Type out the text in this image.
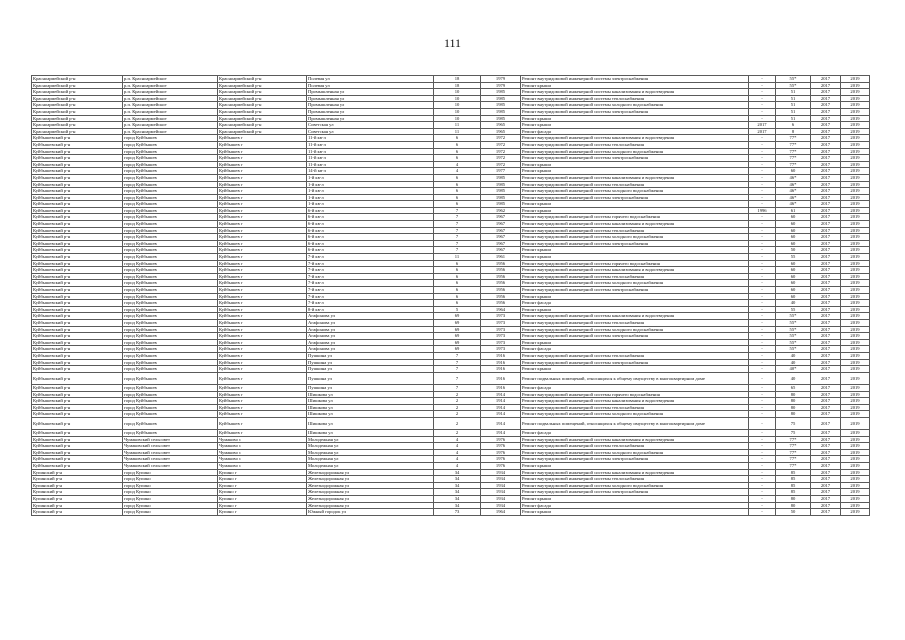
111
Красноармейский р-н	р.п. Красноармейское	Красноармейский р-н	Полевая ул	18	1979	Ремонт внутридомовой инженерной системы электроснабжения	-	55*	2017	2019
Красноармейский р-н	р.п. Красноармейское	Красноармейский р-н	Полевая ул	18	1979	Ремонт крыши	-	55*	2017	2019
Красноармейский р-н	р.п. Красноармейское	Красноармейский р-н	Промышленная ул	10	1985	Ремонт внутридомовой инженерной системы канализования и водоотведения	-	51	2017	2019
Красноармейский р-н	р.п. Красноармейское	Красноармейский р-н	Промышленная ул	10	1985	Ремонт внутридомовой инженерной системы теплоснабжения	-	51	2017	2019
Красноармейский р-н	р.п. Красноармейское	Красноармейский р-н	Промышленная ул	10	1985	Ремонт внутридомовой инженерной системы холодного водоснабжения	-	51	2017	2019
Красноармейский р-н	р.п. Красноармейское	Красноармейский р-н	Промышленная ул	10	1985	Ремонт внутридомовой инженерной системы электроснабжения	-	51	2017	2019
Красноармейский р-н	р.п. Красноармейское	Красноармейский р-н	Промышленная ул	10	1985	Ремонт крыши	-	51	2017	2019
Красноармейский р-н	р.п. Красноармейское	Красноармейский р-н	Советская ул	11	1965	Ремонт крыши	2017	6	2017	2019
Красноармейский р-н	р.п. Красноармейское	Красноармейский р-н	Советская ул	11	1965	Ремонт фасада	2017	8	2017	2019
Куйбышевский р-н	город Куйбышев	Куйбышев г	11-й кв-л	6	1972	Ремонт внутридомовой инженерной системы канализования и водоотведения	-	77*	2017	2019
Куйбышевский р-н	город Куйбышев	Куйбышев г	11-й кв-л	6	1972	Ремонт внутридомовой инженерной системы теплоснабжения	-	77*	2017	2019
Куйбышевский р-н	город Куйбышев	Куйбышев г	11-й кв-л	6	1972	Ремонт внутридомовой инженерной системы холодного водоснабжения	-	77*	2017	2019
Куйбышевский р-н	город Куйбышев	Куйбышев г	11-й кв-л	6	1972	Ремонт внутридомовой инженерной системы электроснабжения	-	77*	2017	2019
Куйбышевский р-н	город Куйбышев	Куйбышев г	11-й кв-л	4	1972	Ремонт крыши	-	77*	2017	2019
Куйбышевский р-н	город Куйбышев	Куйбышев г	14-й кв-л	4	1977	Ремонт крыши	-	60	2017	2019
Куйбышевский р-н	город Куйбышев	Куйбышев г	1-й кв-л	6	1985	Ремонт внутридомовой инженерной системы канализования и водоотведения	-	46*	2017	2019
Куйбышевский р-н	город Куйбышев	Куйбышев г	1-й кв-л	6	1985	Ремонт внутридомовой инженерной системы теплоснабжения	-	46*	2017	2019
Куйбышевский р-н	город Куйбышев	Куйбышев г	1-й кв-л	6	1985	Ремонт внутридомовой инженерной системы холодного водоснабжения	-	46*	2017	2019
Куйбышевский р-н	город Куйбышев	Куйбышев г	1-й кв-л	6	1985	Ремонт внутридомовой инженерной системы электроснабжения	-	46*	2017	2019
Куйбышевский р-н	город Куйбышев	Куйбышев г	1-й кв-л	6	1985	Ремонт крыши	-	46*	2017	2019
Куйбышевский р-н	город Куйбышев	Куйбышев г	6-й кв-л	7	1962	Ремонт крыши	1996	61	2017	2019
Куйбышевский р-н	город Куйбышев	Куйбышев г	6-й кв-л	7	1967	Ремонт внутридомовой инженерной системы горячего водоснабжения	-	60	2017	2019
Куйбышевский р-н	город Куйбышев	Куйбышев г	6-й кв-л	7	1967	Ремонт внутридомовой инженерной системы канализования и водоотведения	-	60	2017	2019
Куйбышевский р-н	город Куйбышев	Куйбышев г	6-й кв-л	7	1967	Ремонт внутридомовой инженерной системы теплоснабжения	-	60	2017	2019
Куйбышевский р-н	город Куйбышев	Куйбышев г	6-й кв-л	7	1967	Ремонт внутридомовой инженерной системы холодного водоснабжения	-	60	2017	2019
Куйбышевский р-н	город Куйбышев	Куйбышев г	6-й кв-л	7	1967	Ремонт внутридомовой инженерной системы электроснабжения	-	60	2017	2019
Куйбышевский р-н	город Куйбышев	Куйбышев г	6-й кв-л	7	1967	Ремонт крыши	-	50	2017	2019
Куйбышевский р-н	город Куйбышев	Куйбышев г	7-й кв-л	11	1961	Ремонт крыши	-	55	2017	2019
Куйбышевский р-н	город Куйбышев	Куйбышев г	7-й кв-л	6	1956	Ремонт внутридомовой инженерной системы горячего водоснабжения	-	60	2017	2019
Куйбышевский р-н	город Куйбышев	Куйбышев г	7-й кв-л	6	1956	Ремонт внутридомовой инженерной системы канализования и водоотведения	-	60	2017	2019
Куйбышевский р-н	город Куйбышев	Куйбышев г	7-й кв-л	6	1956	Ремонт внутридомовой инженерной системы теплоснабжения	-	60	2017	2019
Куйбышевский р-н	город Куйбышев	Куйбышев г	7-й кв-л	6	1956	Ремонт внутридомовой инженерной системы холодного водоснабжения	-	60	2017	2019
Куйбышевский р-н	город Куйбышев	Куйбышев г	7-й кв-л	6	1956	Ремонт внутридомовой инженерной системы электроснабжения	-	60	2017	2019
Куйбышевский р-н	город Куйбышев	Куйбышев г	7-й кв-л	6	1956	Ремонт крыши	-	60	2017	2019
Куйбышевский р-н	город Куйбышев	Куйбышев г	7-й кв-л	6	1956	Ремонт фасада	-	40	2017	2019
Куйбышевский р-н	город Куйбышев	Куйбышев г	8-й кв-л	5	1964	Ремонт крыши	-	55	2017	2019
Куйбышевский р-н	город Куйбышев	Куйбышев г	Агафонова ул	69	1973	Ремонт внутридомовой инженерной системы канализования и водоотведения	-	55*	2017	2019
Куйбышевский р-н	город Куйбышев	Куйбышев г	Агафонова ул	69	1973	Ремонт внутридомовой инженерной системы теплоснабжения	-	55*	2017	2019
Куйбышевский р-н	город Куйбышев	Куйбышев г	Агафонова ул	69	1973	Ремонт внутридомовой инженерной системы холодного водоснабжения	-	55*	2017	2019
Куйбышевский р-н	город Куйбышев	Куйбышев г	Агафонова ул	69	1973	Ремонт внутридомовой инженерной системы электроснабжения	-	55*	2017	2019
Куйбышевский р-н	город Куйбышев	Куйбышев г	Агафонова ул	69	1973	Ремонт крыши	-	55*	2017	2019
Куйбышевский р-н	город Куйбышев	Куйбышев г	Агафонова ул	69	1973	Ремонт фасада	-	55*	2017	2019
Куйбышевский р-н	город Куйбышев	Куйбышев г	Пушкина ул	7	1916	Ремонт внутридомовой инженерной системы теплоснабжения	-	40	2017	2019
Куйбышевский р-н	город Куйбышев	Куйбышев г	Пушкина ул	7	1916	Ремонт внутридомовой инженерной системы электроснабжения	-	40	2017	2019
Куйбышевский р-н	город Куйбышев	Куйбышев г	Пушкина ул	7	1916	Ремонт крыши	-	40*	2017	2019
Куйбышевский р-н	город Куйбышев	Куйбышев г	Пушкина ул	7	1916	Ремонт подвальных помещений, относящихся к общему имуществу в многоквартирном доме	-	40	2017	2019
Куйбышевский р-н	город Куйбышев	Куйбышев г	Пушкина ул	7	1916	Ремонт фасада	-	65	2017	2019
Куйбышевский р-н	город Куйбышев	Куйбышев г	Шишкова ул	2	1914	Ремонт внутридомовой инженерной системы горячего водоснабжения	-	80	2017	2019
Куйбышевский р-н	город Куйбышев	Куйбышев г	Шишкова ул	2	1914	Ремонт внутридомовой инженерной системы канализования и водоотведения	-	80	2017	2019
Куйбышевский р-н	город Куйбышев	Куйбышев г	Шишкова ул	2	1914	Ремонт внутридомовой инженерной системы теплоснабжения	-	80	2017	2019
Куйбышевский р-н	город Куйбышев	Куйбышев г	Шишкова ул	2	1914	Ремонт внутридомовой инженерной системы холодного водоснабжения	-	80	2017	2019
Куйбышевский р-н	город Куйбышев	Куйбышев г	Шишкова ул	2	1914	Ремонт подвальных помещений, относящихся к общему имуществу в многоквартирном доме	-	75	2017	2019
Куйбышевский р-н	город Куйбышев	Куйбышев г	Шишкова ул	2	1914	Ремонт фасада	-	75	2017	2019
Куйбышевский р-н	Чумаковский сельсовет	Чумаково с	Молодежная ул	4	1976	Ремонт внутридомовой инженерной системы канализования и водоотведения	-	77*	2017	2019
Куйбышевский р-н	Чумаковский сельсовет	Чумаково с	Молодежная ул	4	1976	Ремонт внутридомовой инженерной системы теплоснабжения	-	77*	2017	2019
Куйбышевский р-н	Чумаковский сельсовет	Чумаково с	Молодежная ул	4	1976	Ремонт внутридомовой инженерной системы холодного водоснабжения	-	77*	2017	2019
Куйбышевский р-н	Чумаковский сельсовет	Чумаково с	Молодежная ул	4	1976	Ремонт внутридомовой инженерной системы электроснабжения	-	77*	2017	2019
Куйбышевский р-н	Чумаковский сельсовет	Чумаково с	Молодежная ул	4	1976	Ремонт крыши	-	77*	2017	2019
Купинский р-н	город Купино	Купино г	Железнодорожная ул	34	1934	Ремонт внутридомовой инженерной системы канализования и водоотведения	-	85	2017	2019
Купинский р-н	город Купино	Купино г	Железнодорожная ул	34	1934	Ремонт внутридомовой инженерной системы теплоснабжения	-	85	2017	2019
Купинский р-н	город Купино	Купино г	Железнодорожная ул	34	1934	Ремонт внутридомовой инженерной системы холодного водоснабжения	-	85	2017	2019
Купинский р-н	город Купино	Купино г	Железнодорожная ул	34	1934	Ремонт внутридомовой инженерной системы электроснабжения	-	85	2017	2019
Купинский р-н	город Купино	Купино г	Железнодорожная ул	34	1934	Ремонт крыши	-	80	2017	2019
Купинский р-н	город Купино	Купино г	Железнодорожная ул	34	1934	Ремонт фасада	-	80	2017	2019
Купинский р-н	город Купино	Купино г	Южный городок ул	73	1964	Ремонт крыши	-	50	2017	2019
